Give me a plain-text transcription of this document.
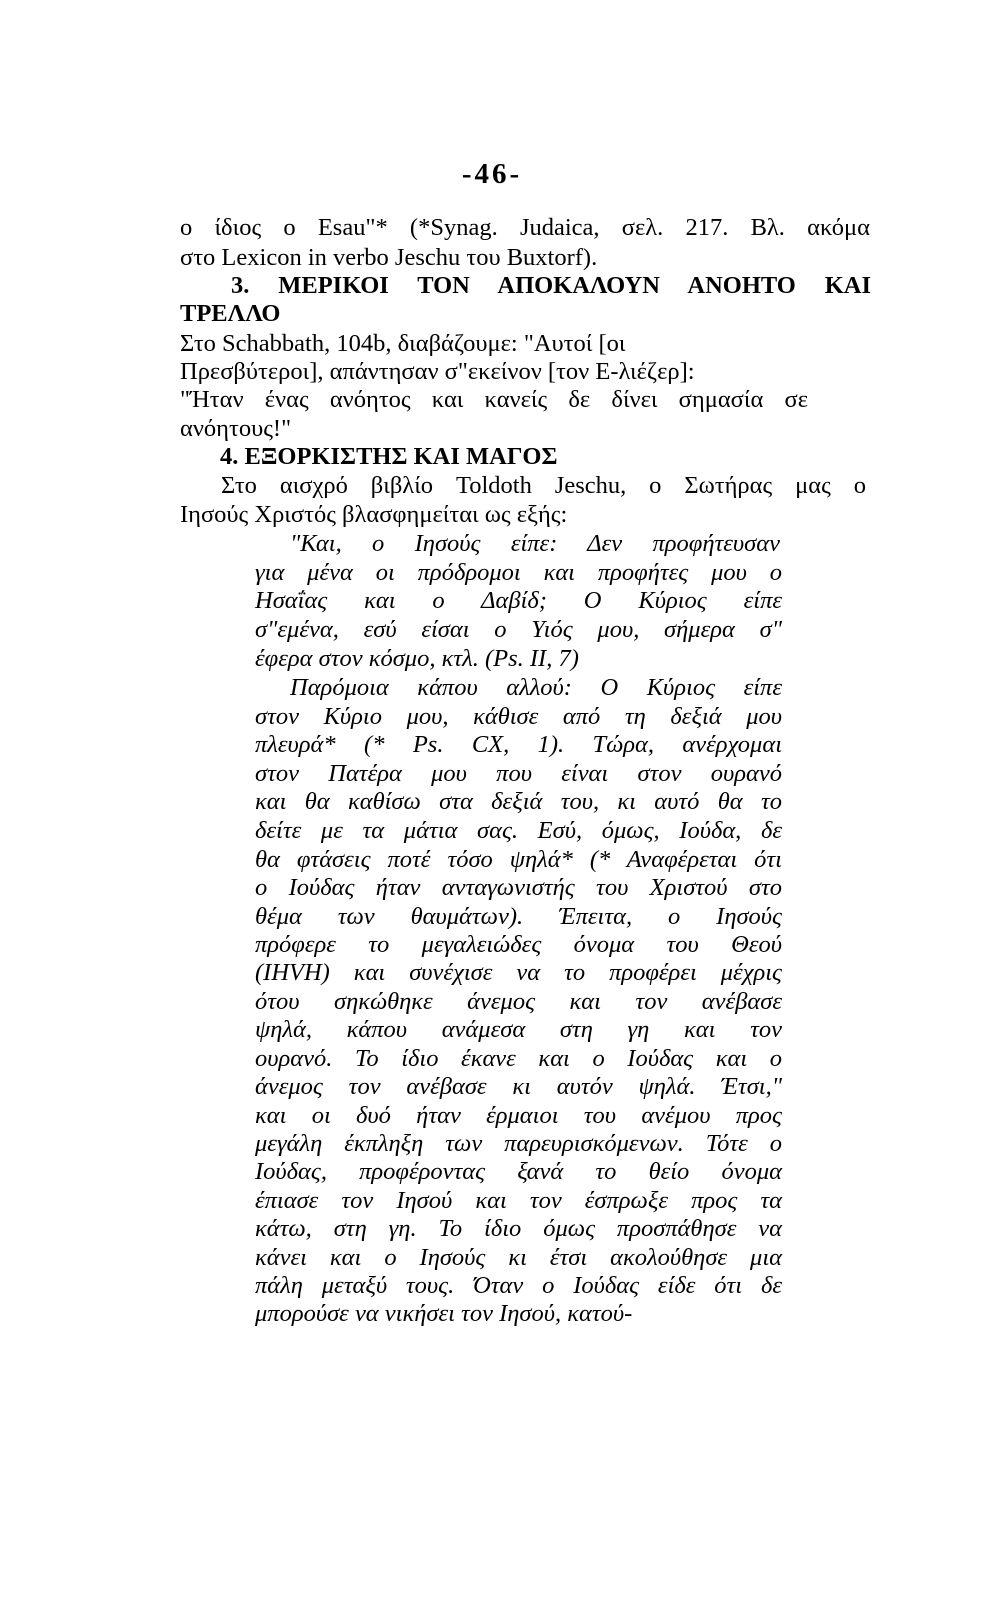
-46-
ο ίδιος ο Esau"* (*Synag. Judaica, σελ. 217. Βλ. ακόμα
στο Lexicon in verbo Jeschu του Buxtorf).
3. ΜΕΡΙΚΟΙ ΤΟΝ ΑΠΟΚΑΛΟΥΝ ΑΝΟΗΤΟ ΚΑΙ
ΤΡΕΛΛΟ
Στο Schabbath, 104b, διαβάζουμε: "Αυτοί [οι
Πρεσβύτεροι], απάντησαν σ"εκείνον [τον Ε-λιέζερ]:
"Ήταν ένας ανόητος και κανείς δε δίνει σημασία σε
ανόητους!"
4. ΕΞΟΡΚΙΣΤΗΣ ΚΑΙ ΜΑΓΟΣ
Στο αισχρό βιβλίο Toldoth Jeschu, ο Σωτήρας μας ο
Ιησούς Χριστός βλασφημείται ως εξής:
"Και, ο Ιησούς είπε: Δεν προφήτευσαν
για μένα οι πρόδρομοι και προφήτες μου ο
Ησαΐας και ο Δαβίδ; Ο Κύριος είπε
σ"εμένα, εσύ είσαι ο Υιός μου, σήμερα σ"
έφερα στον κόσμο, κτλ. (Ps. II, 7)
Παρόμοια κάπου αλλού: Ο Κύριος είπε
στον Κύριο μου, κάθισε από τη δεξιά μου
πλευρά* (* Ps. CX, 1). Τώρα, ανέρχομαι
στον Πατέρα μου που είναι στον ουρανό
και θα καθίσω στα δεξιά του, κι αυτό θα το
δείτε με τα μάτια σας. Εσύ, όμως, Ιούδα, δε
θα φτάσεις ποτέ τόσο ψηλά* (* Αναφέρεται ότι
ο Ιούδας ήταν ανταγωνιστής του Χριστού στο
θέμα των θαυμάτων). Έπειτα, ο Ιησούς
πρόφερε το μεγαλειώδες όνομα του Θεού
(IHVH) και συνέχισε να το προφέρει μέχρις
ότου σηκώθηκε άνεμος και τον ανέβασε
ψηλά, κάπου ανάμεσα στη γη και τον
ουρανό. Το ίδιο έκανε και ο Ιούδας και ο
άνεμος τον ανέβασε κι αυτόν ψηλά. Έτσι,"
και οι δυό ήταν έρμαιοι του ανέμου προς
μεγάλη έκπληξη των παρευρισκόμενων. Τότε ο
Ιούδας, προφέροντας ξανά το θείο όνομα
έπιασε τον Ιησού και τον έσπρωξε προς τα
κάτω, στη γη. Το ίδιο όμως προσπάθησε να
κάνει και ο Ιησούς κι έτσι ακολούθησε μια
πάλη μεταξύ τους. Όταν ο Ιούδας είδε ότι δε
μπορούσε να νικήσει τον Ιησού, κατού-
